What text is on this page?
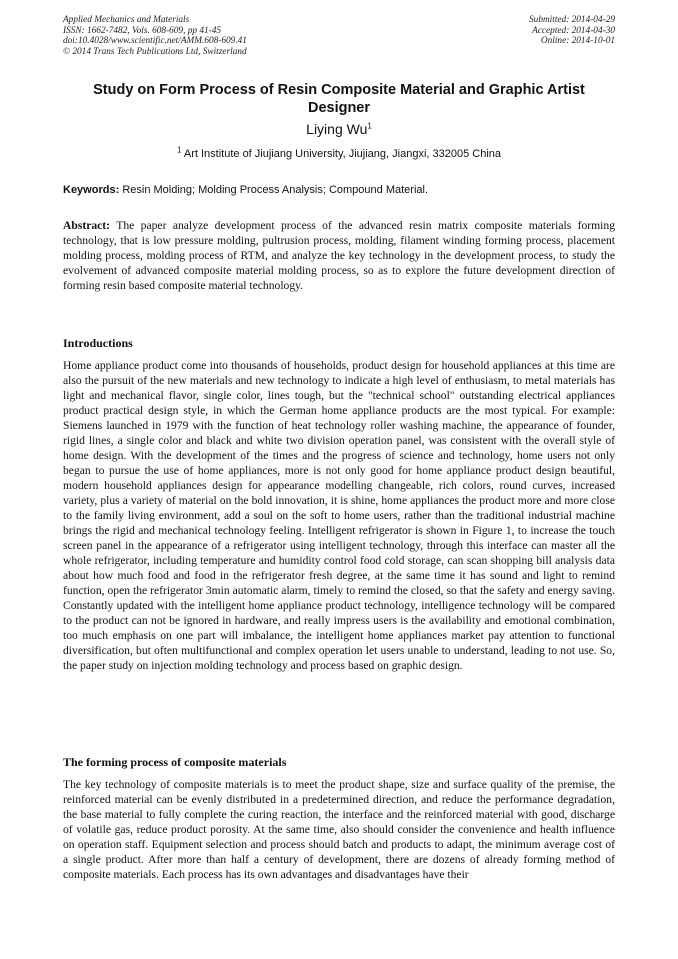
Applied Mechanics and Materials
ISSN: 1662-7482, Vols. 608-609, pp 41-45
doi:10.4028/www.scientific.net/AMM.608-609.41
© 2014 Trans Tech Publications Ltd, Switzerland
Submitted: 2014-04-29
Accepted: 2014-04-30
Online: 2014-10-01
Study on Form Process of Resin Composite Material and Graphic Artist Designer
Liying Wu$^1$
$^1$ Art Institute of Jiujiang University, Jiujiang, Jiangxi, 332005 China
Keywords: Resin Molding; Molding Process Analysis; Compound Material.
Abstract: The paper analyze development process of the advanced resin matrix composite materials forming technology, that is low pressure molding, pultrusion process, molding, filament winding forming process, placement molding process, molding process of RTM, and analyze the key technology in the development process, to study the evolvement of advanced composite material molding process, so as to explore the future development direction of forming resin based composite material technology.
Introductions
Home appliance product come into thousands of households, product design for household appliances at this time are also the pursuit of the new materials and new technology to indicate a high level of enthusiasm, to metal materials has light and mechanical flavor, single color, lines tough, but the "technical school" outstanding electrical appliances product practical design style, in which the German home appliance products are the most typical. For example: Siemens launched in 1979 with the function of heat technology roller washing machine, the appearance of founder, rigid lines, a single color and black and white two division operation panel, was consistent with the overall style of home design. With the development of the times and the progress of science and technology, home users not only began to pursue the use of home appliances, more is not only good for home appliance product design beautiful, modern household appliances design for appearance modelling changeable, rich colors, round curves, increased variety, plus a variety of material on the bold innovation, it is shine, home appliances the product more and more close to the family living environment, add a soul on the soft to home users, rather than the traditional industrial machine brings the rigid and mechanical technology feeling. Intelligent refrigerator is shown in Figure 1, to increase the touch screen panel in the appearance of a refrigerator using intelligent technology, through this interface can master all the whole refrigerator, including temperature and humidity control food cold storage, can scan shopping bill analysis data about how much food and food in the refrigerator fresh degree, at the same time it has sound and light to remind function, open the refrigerator 3min automatic alarm, timely to remind the closed, so that the safety and energy saving. Constantly updated with the intelligent home appliance product technology, intelligence technology will be compared to the product can not be ignored in hardware, and really impress users is the availability and emotional combination, too much emphasis on one part will imbalance, the intelligent home appliances market pay attention to functional diversification, but often multifunctional and complex operation let users unable to understand, leading to not use. So, the paper study on injection molding technology and process based on graphic design.
The forming process of composite materials
The key technology of composite materials is to meet the product shape, size and surface quality of the premise, the reinforced material can be evenly distributed in a predetermined direction, and reduce the performance degradation, the base material to fully complete the curing reaction, the interface and the reinforced material with good, discharge of volatile gas, reduce product porosity. At the same time, also should consider the convenience and health influence on operation staff. Equipment selection and process should batch and products to adapt, the minimum average cost of a single product. After more than half a century of development, there are dozens of already forming method of composite materials. Each process has its own advantages and disadvantages have their
